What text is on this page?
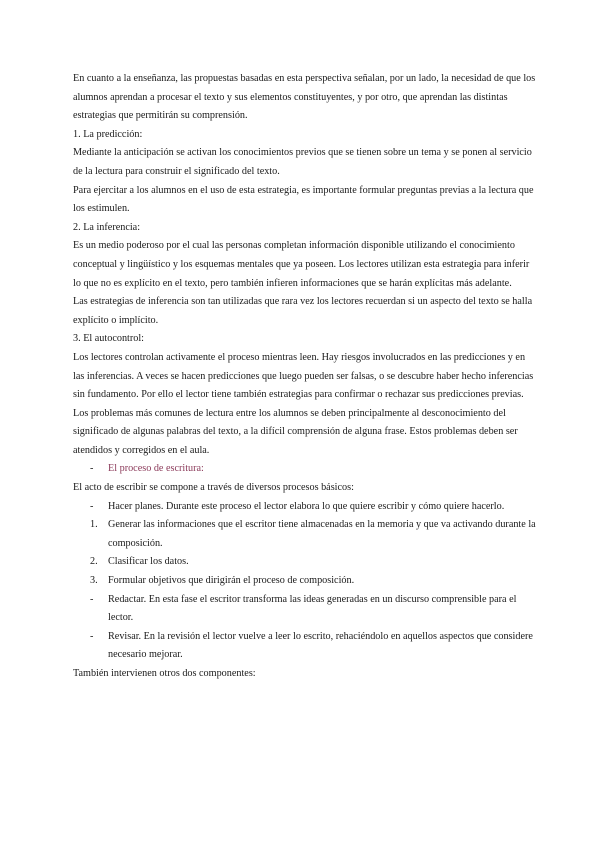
En cuanto a la enseñanza, las propuestas basadas en esta perspectiva señalan, por un lado, la necesidad de que los alumnos aprendan a procesar el texto y sus elementos constituyentes, y por otro, que aprendan las distintas estrategias que permitirán su comprensión.

1. La predicción:

Mediante la anticipación se activan los conocimientos previos que se tienen sobre un tema y se ponen al servicio de la lectura para construir el significado del texto.

Para ejercitar a los alumnos en el uso de esta estrategia, es importante formular preguntas previas a la lectura que los estimulen.

2. La inferencia:

Es un medio poderoso por el cual las personas completan información disponible utilizando el conocimiento conceptual y lingüístico y los esquemas mentales que ya poseen. Los lectores utilizan esta estrategia para inferir lo que no es explícito en el texto, pero también infieren informaciones que se harán explícitas más adelante.

Las estrategias de inferencia son tan utilizadas que rara vez los lectores recuerdan si un aspecto del texto se halla explícito o implícito.

3. El autocontrol:

Los lectores controlan activamente el proceso mientras leen. Hay riesgos involucrados en las predicciones y en las inferencias. A veces se hacen predicciones que luego pueden ser falsas, o se descubre haber hecho inferencias sin fundamento. Por ello el lector tiene también estrategias para confirmar o rechazar sus predicciones previas.

Los problemas más comunes de lectura entre los alumnos se deben principalmente al desconocimiento del significado de algunas palabras del texto, a la difícil comprensión de alguna frase. Estos problemas deben ser atendidos y corregidos en el aula.

-	El proceso de escritura:

El acto de escribir se compone a través de diversos procesos básicos:

-	Hacer planes. Durante este proceso el lector elabora lo que quiere escribir y cómo quiere hacerlo.
1.	Generar las informaciones que el escritor tiene almacenadas en la memoria y que va activando durante la composición.
2.	Clasificar los datos.
3.	Formular objetivos que dirigirán el proceso de composición.
-	Redactar. En esta fase el escritor transforma las ideas generadas en un discurso comprensible para el lector.
-	Revisar. En la revisión el lector vuelve a leer lo escrito, rehaciéndolo en aquellos aspectos que considere necesario mejorar.

También intervienen otros dos componentes:
